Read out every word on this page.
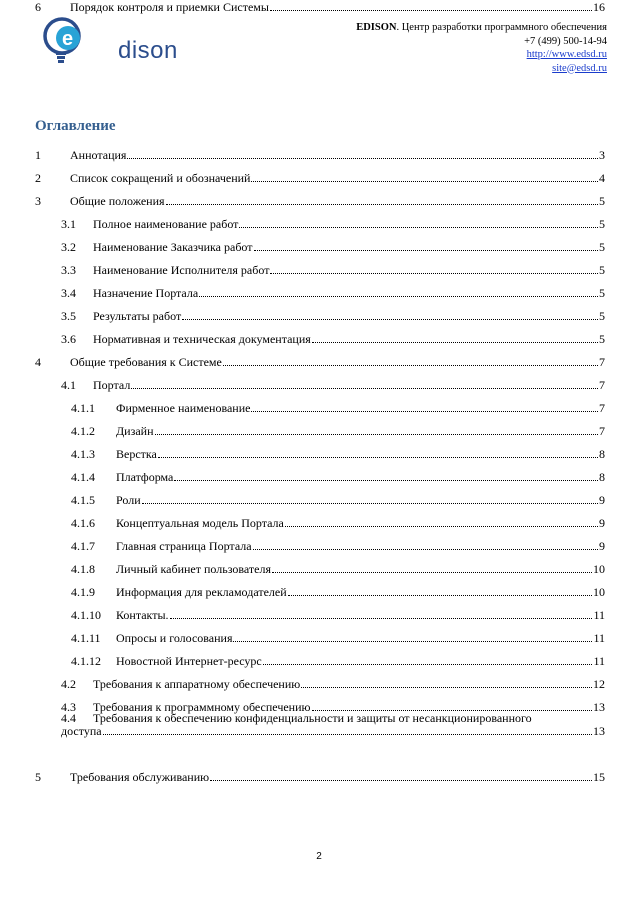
e dison
EDISON. Центр разработки программного обеспечения
+7 (499) 500-14-94
http://www.edsd.ru
site@edsd.ru
Оглавление
1	Аннотация	3
2	Список сокращений и обозначений	4
3	Общие положения	5
3.1	Полное наименование работ	5
3.2	Наименование Заказчика работ	5
3.3	Наименование Исполнителя работ	5
3.4	Назначение Портала	5
3.5	Результаты работ	5
3.6	Нормативная и техническая документация	5
4	Общие требования к Системе	7
4.1	Портал	7
4.1.1	Фирменное наименование	7
4.1.2	Дизайн	7
4.1.3	Верстка	8
4.1.4	Платформа	8
4.1.5	Роли	9
4.1.6	Концептуальная модель Портала	9
4.1.7	Главная страница Портала	9
4.1.8	Личный кабинет пользователя	10
4.1.9	Информация для рекламодателей	10
4.1.10	Контакты.	11
4.1.11	Опросы и голосования	11
4.1.12	Новостной Интернет-ресурс	11
4.2	Требования к аппаратному обеспечению	12
4.3	Требования к программному обеспечению	13
4.4 Требования к обеспечению конфиденциальности и защиты от несанкционированного
доступа	13
5	Требования обслуживанию	15
6	Порядок контроля и приемки Системы	16
2
